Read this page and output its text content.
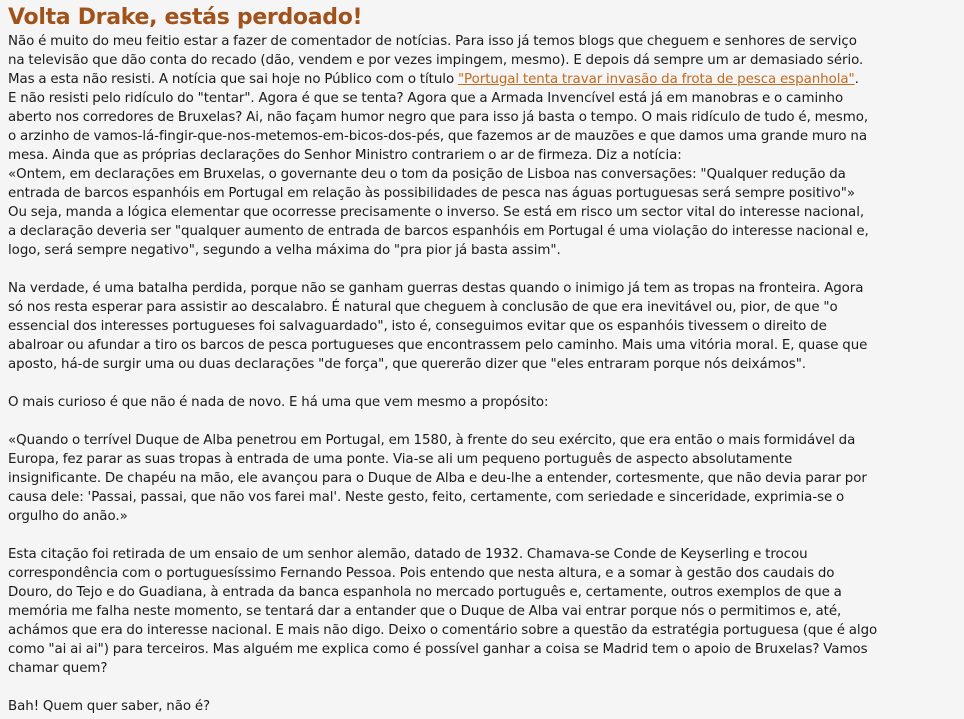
Volta Drake, estás perdoado!

Não é muito do meu feitio estar a fazer de comentador de notícias. Para isso já temos blogs que cheguem e senhores de serviço

na televisão que dão conta do recado (dão, vendem e por vezes impingem, mesmo). E depois dá sempre um ar demasiado sério.

Mas a esta não resisti. A notícia que sai hoje no Público com o título "Portugal tenta travar invasão da frota de pesca espanhola".

E não resisti pelo ridículo do "tentar". Agora é que se tenta? Agora que a Armada Invencível está já em manobras e o caminho

aberto nos corredores de Bruxelas? Ai, não façam humor negro que para isso já basta o tempo. O mais ridículo de tudo é, mesmo,

o arzinho de vamos-lá-fingir-que-nos-metemos-em-bicos-dos-pés, que fazemos ar de mauzões e que damos uma grande muro na

mesa. Ainda que as próprias declarações do Senhor Ministro contrariem o ar de firmeza. Diz a notícia:

«Ontem, em declarações em Bruxelas, o governante deu o tom da posição de Lisboa nas conversações: "Qualquer redução da

entrada de barcos espanhóis em Portugal em relação às possibilidades de pesca nas águas portuguesas será sempre positivo"»

Ou seja, manda a lógica elementar que ocorresse precisamente o inverso. Se está em risco um sector vital do interesse nacional,

a declaração deveria ser "qualquer aumento de entrada de barcos espanhóis em Portugal é uma violação do interesse nacional e,

logo, será sempre negativo", segundo a velha máxima do "pra pior já basta assim".

Na verdade, é uma batalha perdida, porque não se ganham guerras destas quando o inimigo já tem as tropas na fronteira. Agora

só nos resta esperar para assistir ao descalabro. É natural que cheguem à conclusão de que era inevitável ou, pior, de que "o

essencial dos interesses portugueses foi salvaguardado", isto é, conseguimos evitar que os espanhóis tivessem o direito de

abalroar ou afundar a tiro os barcos de pesca portugueses que encontrassem pelo caminho. Mais uma vitória moral. E, quase que

aposto, há-de surgir uma ou duas declarações "de força", que quererão dizer que "eles entraram porque nós deixámos".

O mais curioso é que não é nada de novo. E há uma que vem mesmo a propósito:

«Quando o terrível Duque de Alba penetrou em Portugal, em 1580, à frente do seu exército, que era então o mais formidável da

Europa, fez parar as suas tropas à entrada de uma ponte. Via-se ali um pequeno português de aspecto absolutamente

insignificante. De chapéu na mão, ele avançou para o Duque de Alba e deu-lhe a entender, cortesmente, que não devia parar por

causa dele: 'Passai, passai, que não vos farei mal'. Neste gesto, feito, certamente, com seriedade e sinceridade, exprimia-se o

orgulho do anão.»

Esta citação foi retirada de um ensaio de um senhor alemão, datado de 1932. Chamava-se Conde de Keyserling e trocou

correspondência com o portuguesíssimo Fernando Pessoa. Pois entendo que nesta altura, e a somar à gestão dos caudais do

Douro, do Tejo e do Guadiana, à entrada da banca espanhola no mercado português e, certamente, outros exemplos de que a

memória me falha neste momento, se tentará dar a entander que o Duque de Alba vai entrar porque nós o permitimos e, até,

achámos que era do interesse nacional. E mais não digo. Deixo o comentário sobre a questão da estratégia portuguesa (que é algo

como "ai ai ai") para terceiros. Mas alguém me explica como é possível ganhar a coisa se Madrid tem o apoio de Bruxelas? Vamos

chamar quem?

Bah! Quem quer saber, não é?
